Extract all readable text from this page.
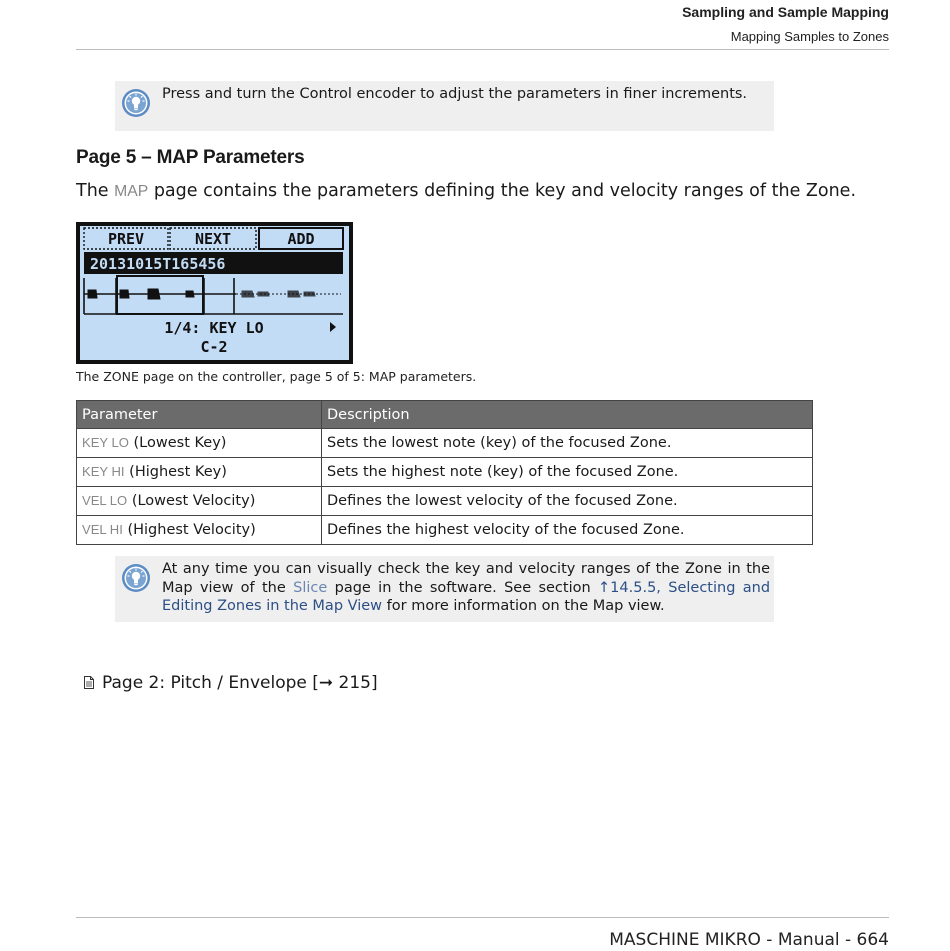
Sampling and Sample Mapping
Mapping Samples to Zones
Press and turn the Control encoder to adjust the parameters in finer increments.
Page 5 – MAP Parameters
The MAP page contains the parameters defining the key and velocity ranges of the Zone.
PREV	NEXT	ADD
20131015T165456
1/4: KEY LO
C-2
The ZONE page on the controller, page 5 of 5: MAP parameters.
Parameter	Description
KEY LO (Lowest Key)	Sets the lowest note (key) of the focused Zone.
KEY HI (Highest Key)	Sets the highest note (key) of the focused Zone.
VEL LO (Lowest Velocity)	Defines the lowest velocity of the focused Zone.
VEL HI (Highest Velocity)	Defines the highest velocity of the focused Zone.
At any time you can visually check the key and velocity ranges of the Zone in the Map view of the Slice page in the software. See section ↑14.5.5, Selecting and Editing Zones in the Map View for more information on the Map view.
Page 2: Pitch / Envelope [➞ 215]
MASCHINE MIKRO - Manual - 664
